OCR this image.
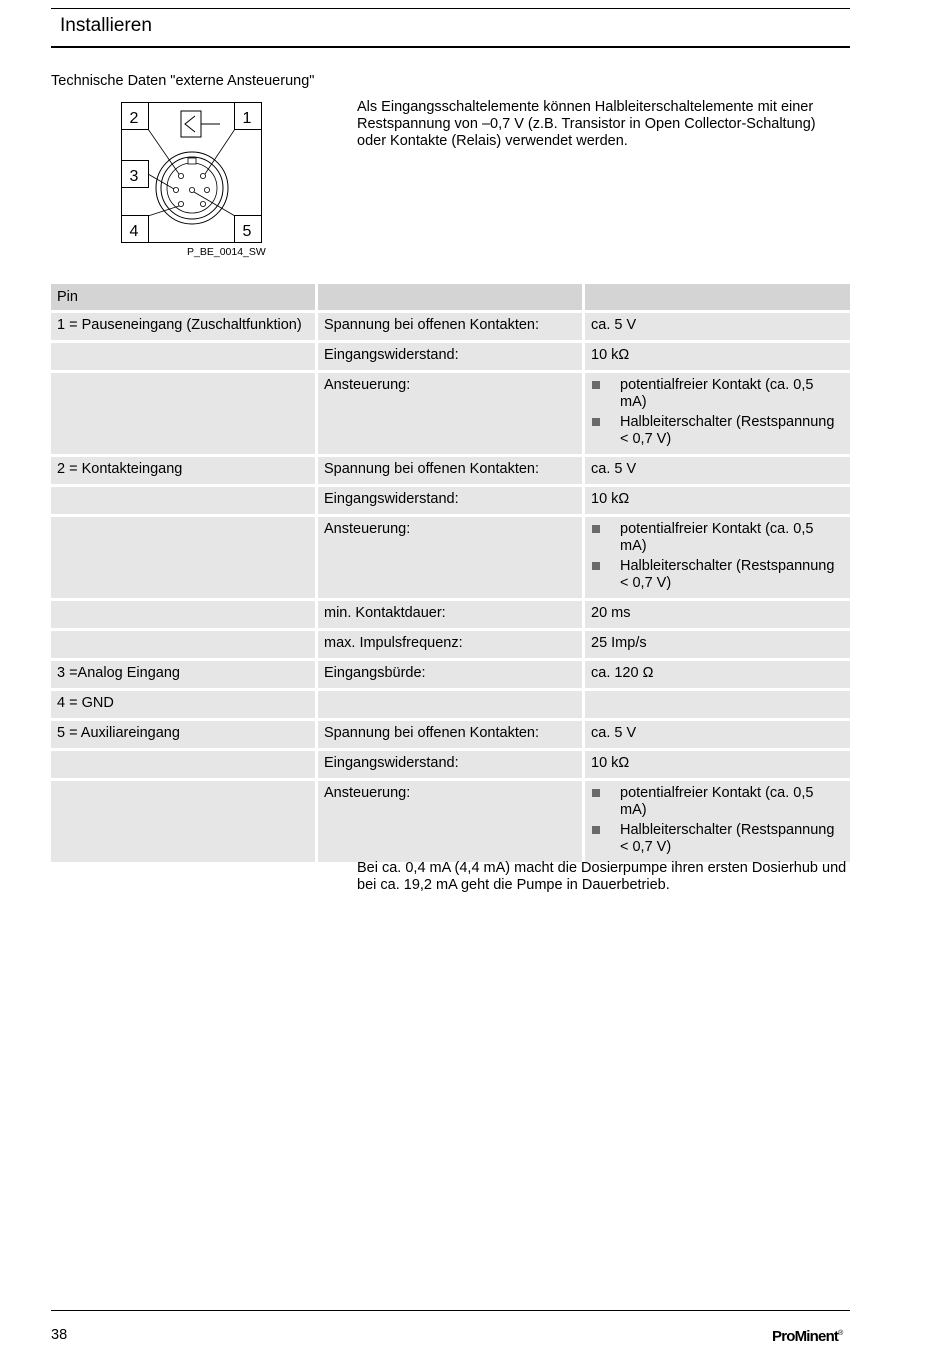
Installieren
Technische Daten "externe Ansteuerung"
2	1
3
4	5
P_BE_0014_SW
Als Eingangsschaltelemente können Halbleiterschaltelemente mit einer Restspannung von –0,7 V (z.B. Transistor in Open Collector-Schaltung) oder Kontakte (Relais) verwendet werden.
Pin
1 = Pauseneingang (Zuschaltfunktion)	Spannung bei offenen Kontakten:	ca. 5 V
Eingangswiderstand:	10 kΩ
Ansteuerung:	potentialfreier Kontakt (ca. 0,5 mA)
Halbleiterschalter (Restspannung < 0,7 V)
2 = Kontakteingang	Spannung bei offenen Kontakten:	ca. 5 V
Eingangswiderstand:	10 kΩ
Ansteuerung:	potentialfreier Kontakt (ca. 0,5 mA)
Halbleiterschalter (Restspannung < 0,7 V)
min. Kontaktdauer:	20 ms
max. Impulsfrequenz:	25 Imp/s
3 =Analog Eingang	Eingangsbürde:	ca. 120 Ω
4 = GND
5 = Auxiliareingang	Spannung bei offenen Kontakten:	ca. 5 V
Eingangswiderstand:	10 kΩ
Ansteuerung:	potentialfreier Kontakt (ca. 0,5 mA)
Halbleiterschalter (Restspannung < 0,7 V)
Bei ca. 0,4 mA (4,4 mA) macht die Dosierpumpe ihren ersten Dosierhub und bei ca. 19,2 mA geht die Pumpe in Dauerbetrieb.
38	ProMinent®
